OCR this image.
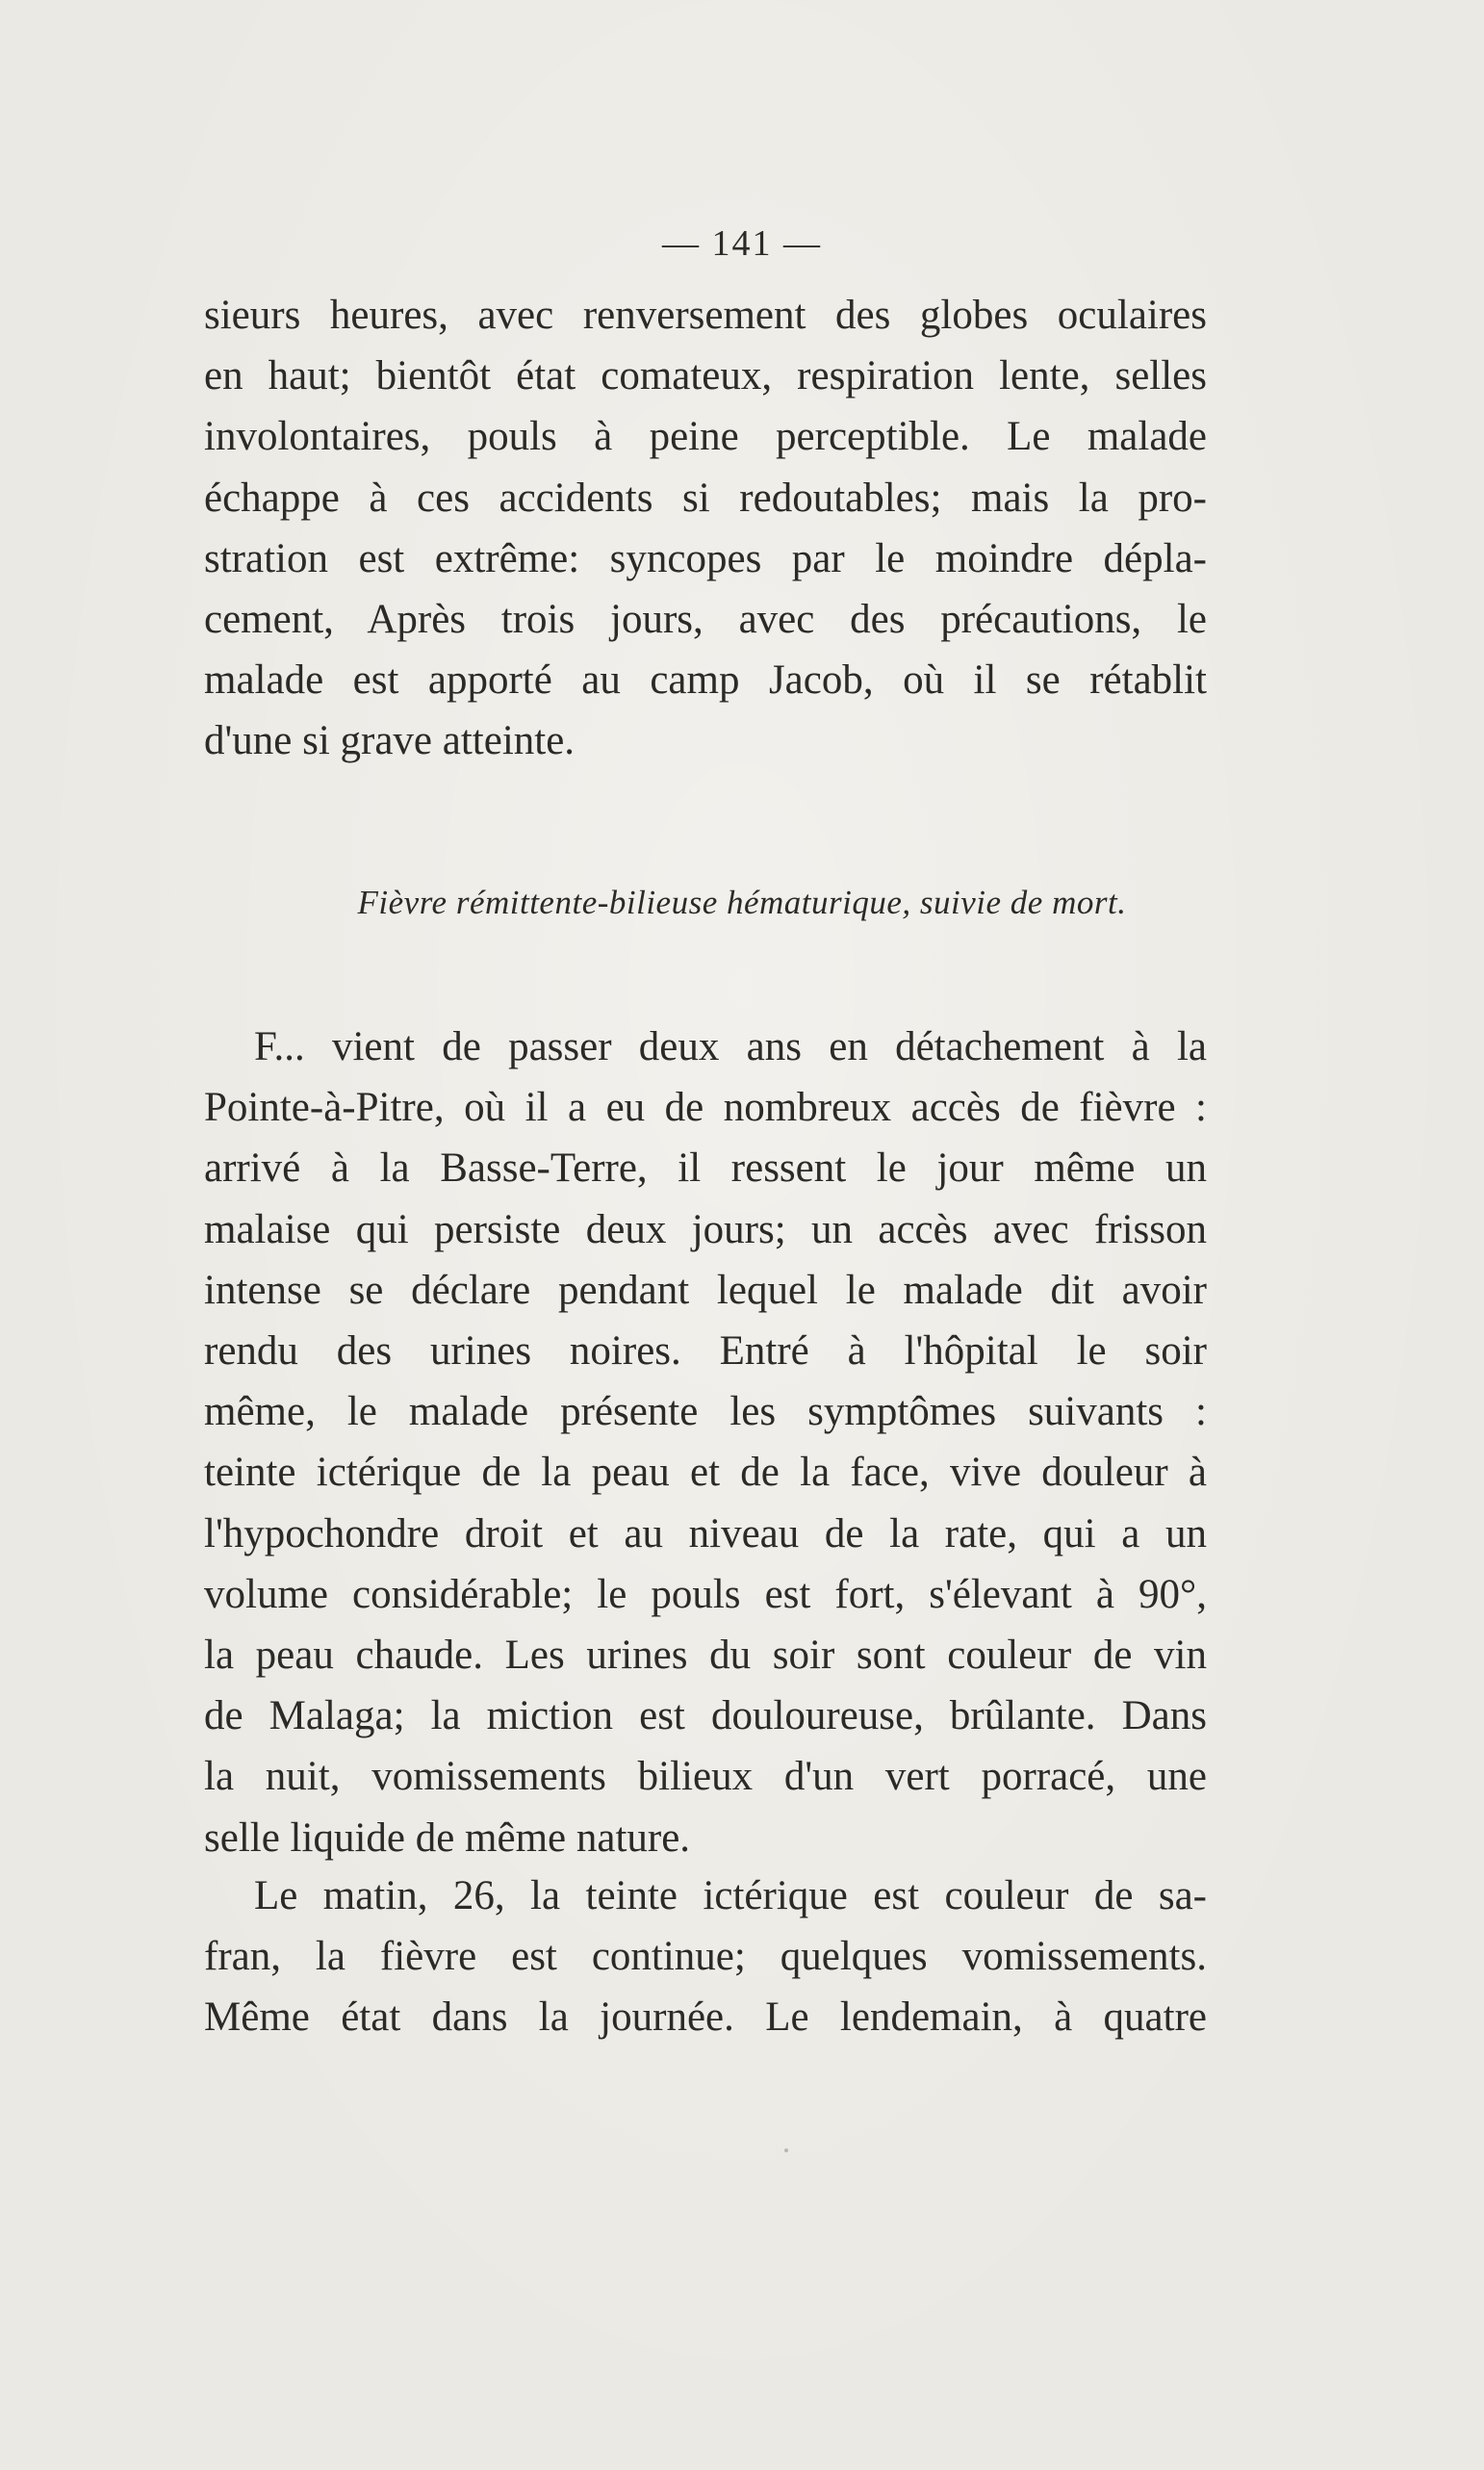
— 141 —
sieurs heures, avec renversement des globes oculaires
en haut; bientôt état comateux, respiration lente, selles
involontaires, pouls à peine perceptible. Le malade
échappe à ces accidents si redoutables; mais la pro-
stration est extrême: syncopes par le moindre dépla-
cement, Après trois jours, avec des précautions, le
malade est apporté au camp Jacob, où il se rétablit
d'une si grave atteinte.
Fièvre rémittente-bilieuse hématurique, suivie de mort.
F... vient de passer deux ans en détachement à la
Pointe-à-Pitre, où il a eu de nombreux accès de fièvre :
arrivé à la Basse-Terre, il ressent le jour même un
malaise qui persiste deux jours; un accès avec frisson
intense se déclare pendant lequel le malade dit avoir
rendu des urines noires. Entré à l'hôpital le soir
même, le malade présente les symptômes suivants :
teinte ictérique de la peau et de la face, vive douleur à
l'hypochondre droit et au niveau de la rate, qui a un
volume considérable; le pouls est fort, s'élevant à 90°,
la peau chaude. Les urines du soir sont couleur de vin
de Malaga; la miction est douloureuse, brûlante. Dans
la nuit, vomissements bilieux d'un vert porracé, une
selle liquide de même nature.
Le matin, 26, la teinte ictérique est couleur de sa-
fran, la fièvre est continue; quelques vomissements.
Même état dans la journée. Le lendemain, à quatre
